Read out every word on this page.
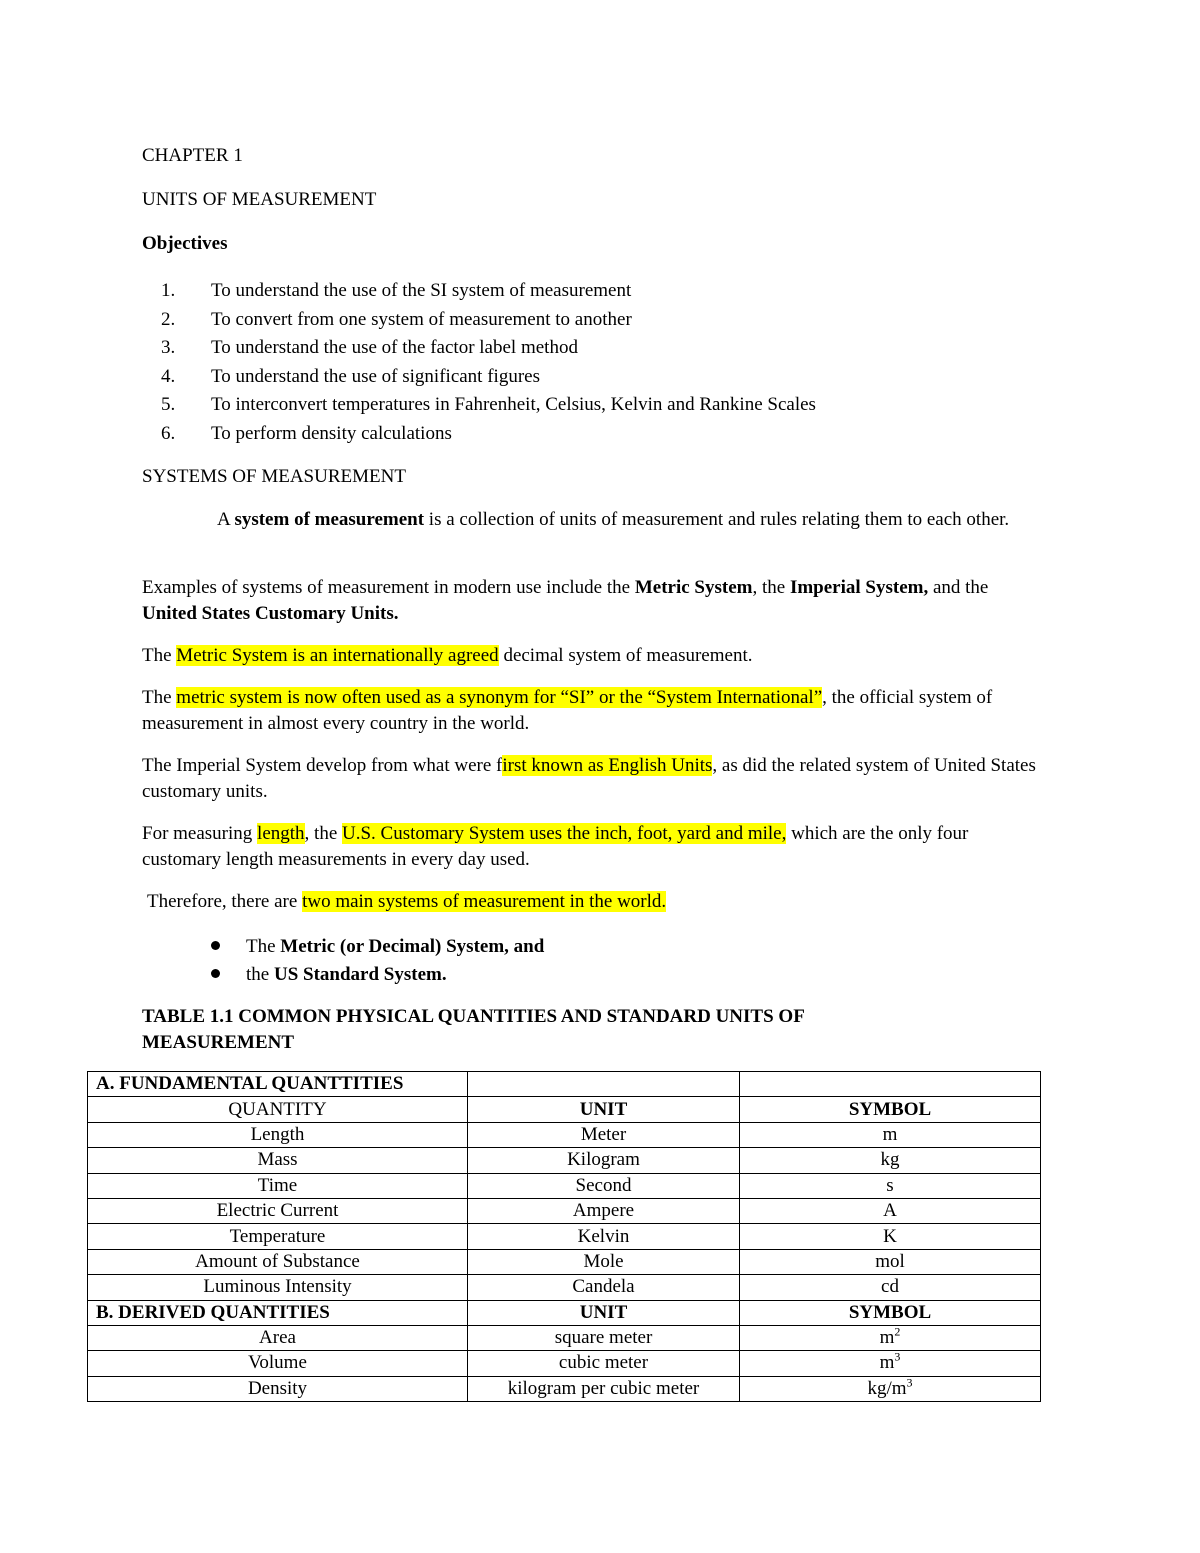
CHAPTER 1

UNITS OF MEASUREMENT

Objectives

1. To understand the use of the SI system of measurement
2. To convert from one system of measurement to another
3. To understand the use of the factor label method
4. To understand the use of significant figures
5. To interconvert temperatures in Fahrenheit, Celsius, Kelvin and Rankine Scales
6. To perform density calculations

SYSTEMS OF MEASUREMENT

A system of measurement is a collection of units of measurement and rules relating them to each other.

Examples of systems of measurement in modern use include the Metric System, the Imperial System, and the United States Customary Units.

The Metric System is an internationally agreed decimal system of measurement.

The metric system is now often used as a synonym for “SI” or the “System International”, the official system of measurement in almost every country in the world.

The Imperial System develop from what were first known as English Units, as did the related system of United States customary units.

For measuring length, the U.S. Customary System uses the inch, foot, yard and mile, which are the only four customary length measurements in every day used.

Therefore, there are two main systems of measurement in the world.

The Metric (or Decimal) System, and
the US Standard System.

TABLE 1.1 COMMON PHYSICAL QUANTITIES AND STANDARD UNITS OF MEASUREMENT

A. FUNDAMENTAL QUANTTITIES		
QUANTITY	UNIT	SYMBOL
Length	Meter	m
Mass	Kilogram	kg
Time	Second	s
Electric Current	Ampere	A
Temperature	Kelvin	K
Amount of Substance	Mole	mol
Luminous Intensity	Candela	cd
B. DERIVED QUANTITIES	UNIT	SYMBOL
Area	square meter	$m^2$
Volume	cubic meter	$m^3$
Density	kilogram per cubic meter	$kg/m^3$
